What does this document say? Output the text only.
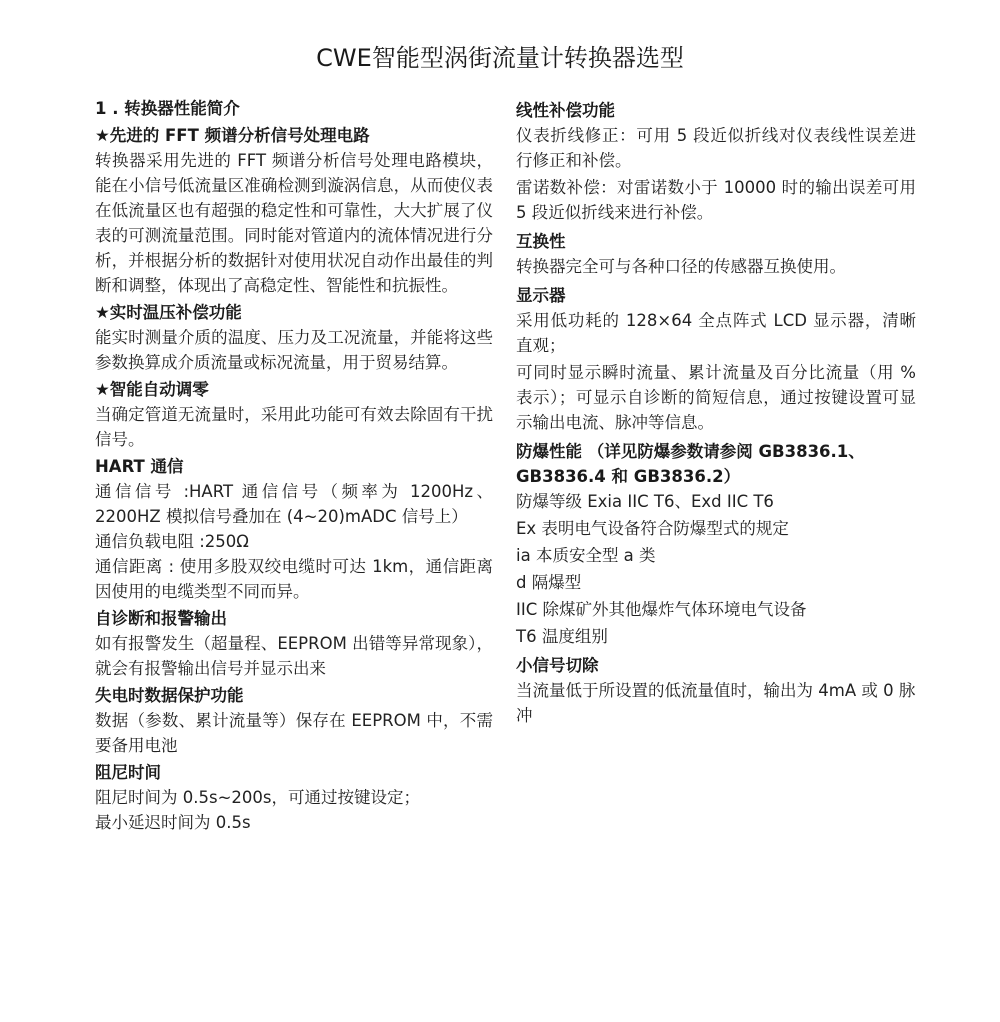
CWE智能型涡街流量计转换器选型
1 . 转换器性能简介
★先进的 FFT 频谱分析信号处理电路

转换器采用先进的 FFT 频谱分析信号处理电路模块，能在小信号低流量区准确检测到漩涡信息，从而使仪表在低流量区也有超强的稳定性和可靠性，大大扩展了仪表的可测流量范围。同时能对管道内的流体情况进行分析，并根据分析的数据针对使用状况自动作出最佳的判断和调整，体现出了高稳定性、智能性和抗振性。

★实时温压补偿功能

能实时测量介质的温度、压力及工况流量，并能将这些参数换算成介质流量或标况流量，用于贸易结算。

★智能自动调零

当确定管道无流量时，采用此功能可有效去除固有干扰信号。

HART 通信

通信信号 :HART 通信信号（频率为 1200Hz、2200HZ 模拟信号叠加在 (4~20)mADC 信号上）

通信负载电阻 :250Ω

通信距离 : 使用多股双绞电缆时可达 1km，通信距离因使用的电缆类型不同而异。

自诊断和报警输出

如有报警发生（超量程、EEPROM 出错等异常现象），就会有报警输出信号并显示出来

失电时数据保护功能

数据（参数、累计流量等）保存在 EEPROM 中，不需要备用电池

阻尼时间

阻尼时间为 0.5s~200s，可通过按键设定；

最小延迟时间为 0.5s

线性补偿功能

仪表折线修正：可用 5 段近似折线对仪表线性误差进行修正和补偿。

雷诺数补偿：对雷诺数小于 10000 时的输出误差可用 5 段近似折线来进行补偿。

互换性

转换器完全可与各种口径的传感器互换使用。

显示器

采用低功耗的 128×64 全点阵式 LCD 显示器，清晰直观；

可同时显示瞬时流量、累计流量及百分比流量（用 % 表示）；可显示自诊断的简短信息，通过按键设置可显示输出电流、脉冲等信息。

防爆性能 （详见防爆参数请参阅 GB3836.1、GB3836.4 和 GB3836.2）

防爆等级 Exia IIC T6、Exd IIC T6

Ex 表明电气设备符合防爆型式的规定

ia 本质安全型 a 类

d 隔爆型

IIC 除煤矿外其他爆炸气体环境电气设备

T6 温度组别

小信号切除

当流量低于所设置的低流量值时，输出为 4mA 或 0 脉冲
